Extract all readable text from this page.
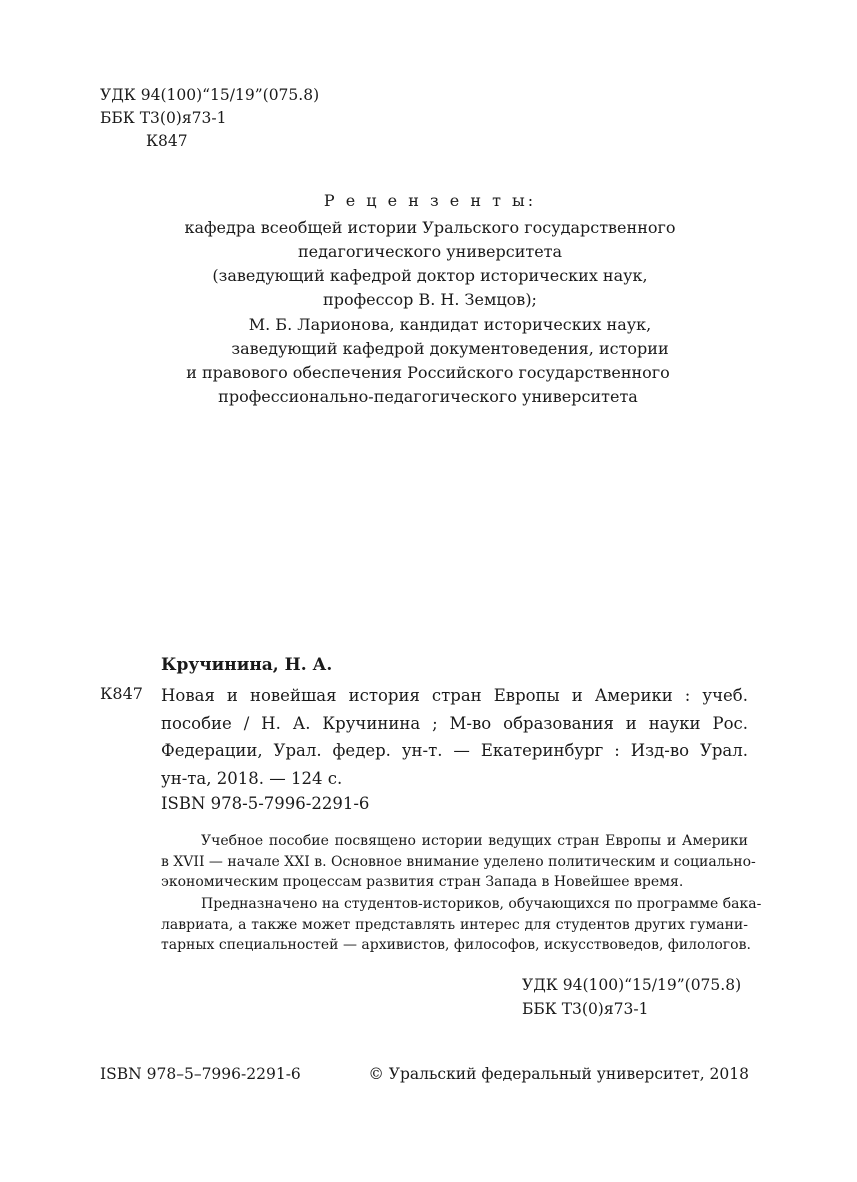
УДК 94(100)“15/19”(075.8)
ББК Т3(0)я73-1
К847
Р е ц е н з е н т ы:
кафедра всеобщей истории Уральского государственного
педагогического университета
(заведующий кафедрой доктор исторических наук,
профессор В. Н. Земцов);
М. Б. Ларионова, кандидат исторических наук,
заведующий кафедрой документоведения, истории
и правового обеспечения Российского государственного
профессионально-педагогического университета
Кручинина, Н. А.
К847 Новая и новейшая история стран Европы и Америки : учеб.
пособие / Н. А. Кручинина ; М-во образования и науки Рос.
Федерации, Урал. федер. ун-т. — Екатеринбург : Изд-во Урал.
ун-та, 2018. — 124 с.
ISBN 978-5-7996-2291-6
Учебное пособие посвящено истории ведущих стран Европы и Америки
в XVII — начале XXI в. Основное внимание уделено политическим и социально-
экономическим процессам развития стран Запада в Новейшее время.
Предназначено на студентов-историков, обучающихся по программе бака-
лавриата, а также может представлять интерес для студентов других гумани-
тарных специальностей — архивистов, философов, искусствоведов, филологов.
УДК 94(100)“15/19”(075.8)
ББК Т3(0)я73-1
ISBN 978–5–7996-2291-6	© Уральский федеральный университет, 2018
